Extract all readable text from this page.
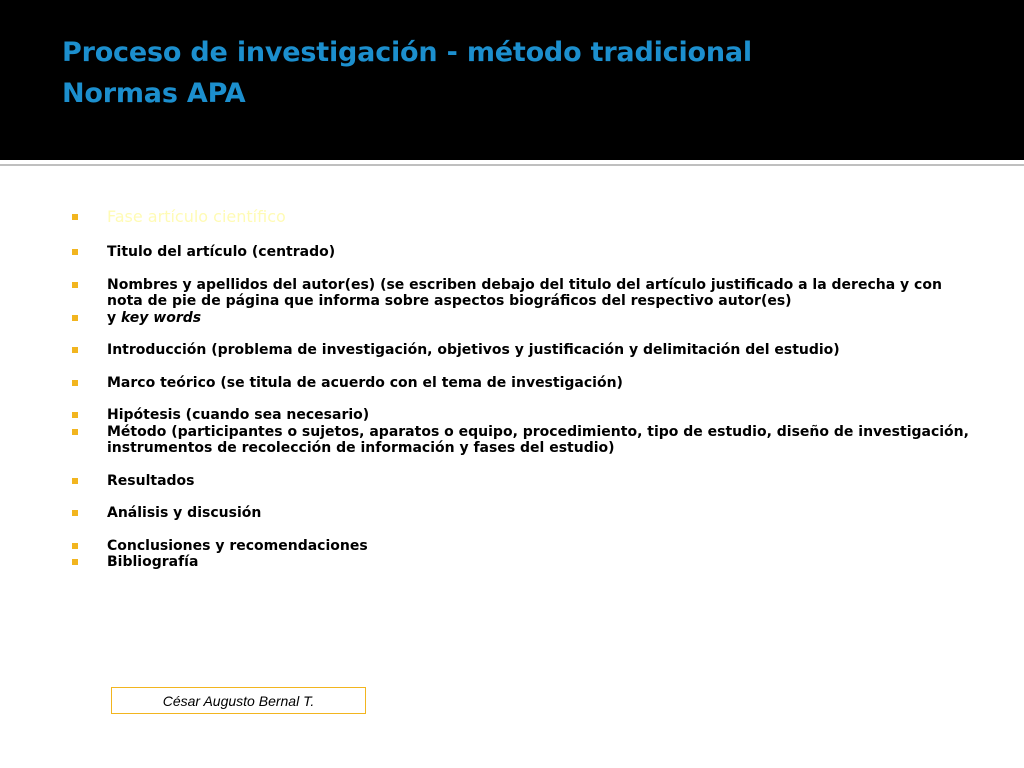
Proceso de investigación - método tradicional
Normas APA
Fase artículo científico
Titulo del artículo (centrado)
Nombres y apellidos del autor(es) (se escriben debajo del titulo del artículo justificado a la derecha y con nota de pie de página que informa sobre aspectos biográficos del respectivo autor(es)
y key words
Introducción (problema de investigación, objetivos y justificación y delimitación del estudio)
Marco teórico (se titula de acuerdo con el tema de investigación)
Hipótesis (cuando sea necesario)
Método (participantes o sujetos, aparatos o equipo, procedimiento, tipo de estudio, diseño de investigación, instrumentos de recolección de información y fases del estudio)
Resultados
Análisis y discusión
Conclusiones y recomendaciones
Bibliografía
César Augusto Bernal T.
